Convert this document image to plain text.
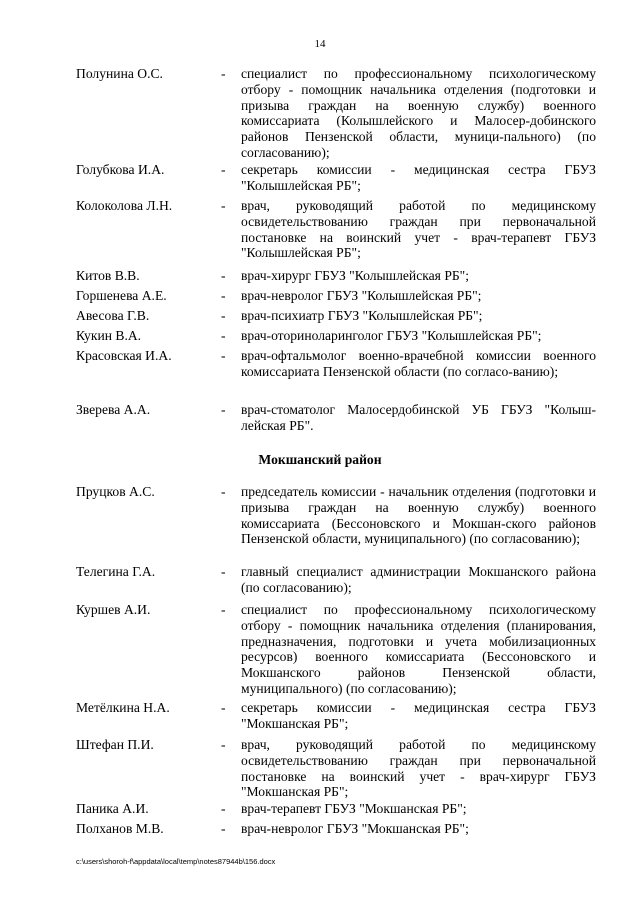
14
Полунина О.С.	-	специалист по профессиональному психологическому отбору - помощник начальника отделения (подготовки и призыва граждан на военную службу) военного комиссариата (Колышлейского и Малосер-добинского районов Пензенской области, муници-пального) (по согласованию);
Голубкова И.А.	-	секретарь комиссии - медицинская сестра ГБУЗ "Колышлейская РБ";
Колоколова Л.Н.	-	врач, руководящий работой по медицинскому освидетельствованию граждан при первоначальной постановке на воинский учет - врач-терапевт ГБУЗ "Колышлейская РБ";
Китов В.В.	-	врач-хирург ГБУЗ "Колышлейская РБ";
Горшенева А.Е.	-	врач-невролог ГБУЗ "Колышлейская РБ";
Авесова Г.В.	-	врач-психиатр ГБУЗ "Колышлейская РБ";
Кукин В.А.	-	врач-оториноларинголог ГБУЗ "Колышлейская РБ";
Красовская И.А.	-	врач-офтальмолог военно-врачебной комиссии военного комиссариата Пензенской области (по согласо-ванию);
Зверева А.А.	-	врач-стоматолог Малосердобинской УБ ГБУЗ "Колыш-лейская РБ".
Мокшанский район
Пруцков А.С.	-	председатель комиссии - начальник отделения (подготовки и призыва граждан на военную службу) военного комиссариата (Бессоновского и Мокшан-ского районов Пензенской области, муниципального) (по согласованию);
Телегина Г.А.	-	главный специалист администрации Мокшанского района (по согласованию);
Куршев А.И.	-	специалист по профессиональному психологическому отбору - помощник начальника отделения (планирования, предназначения, подготовки и учета мобилизационных ресурсов) военного комиссариата (Бессоновского и Мокшанского районов Пензенской области, муниципального) (по согласованию);
Метёлкина Н.А.	-	секретарь комиссии - медицинская сестра ГБУЗ "Мокшанская РБ";
Штефан П.И.	-	врач, руководящий работой по медицинскому освидетельствованию граждан при первоначальной постановке на воинский учет - врач-хирург ГБУЗ "Мокшанская РБ";
Паника А.И.	-	врач-терапевт ГБУЗ "Мокшанская РБ";
Полханов М.В.	-	врач-невролог ГБУЗ "Мокшанская РБ";
c:\users\shoroh-f\appdata\local\temp\notes87944b\156.docx
